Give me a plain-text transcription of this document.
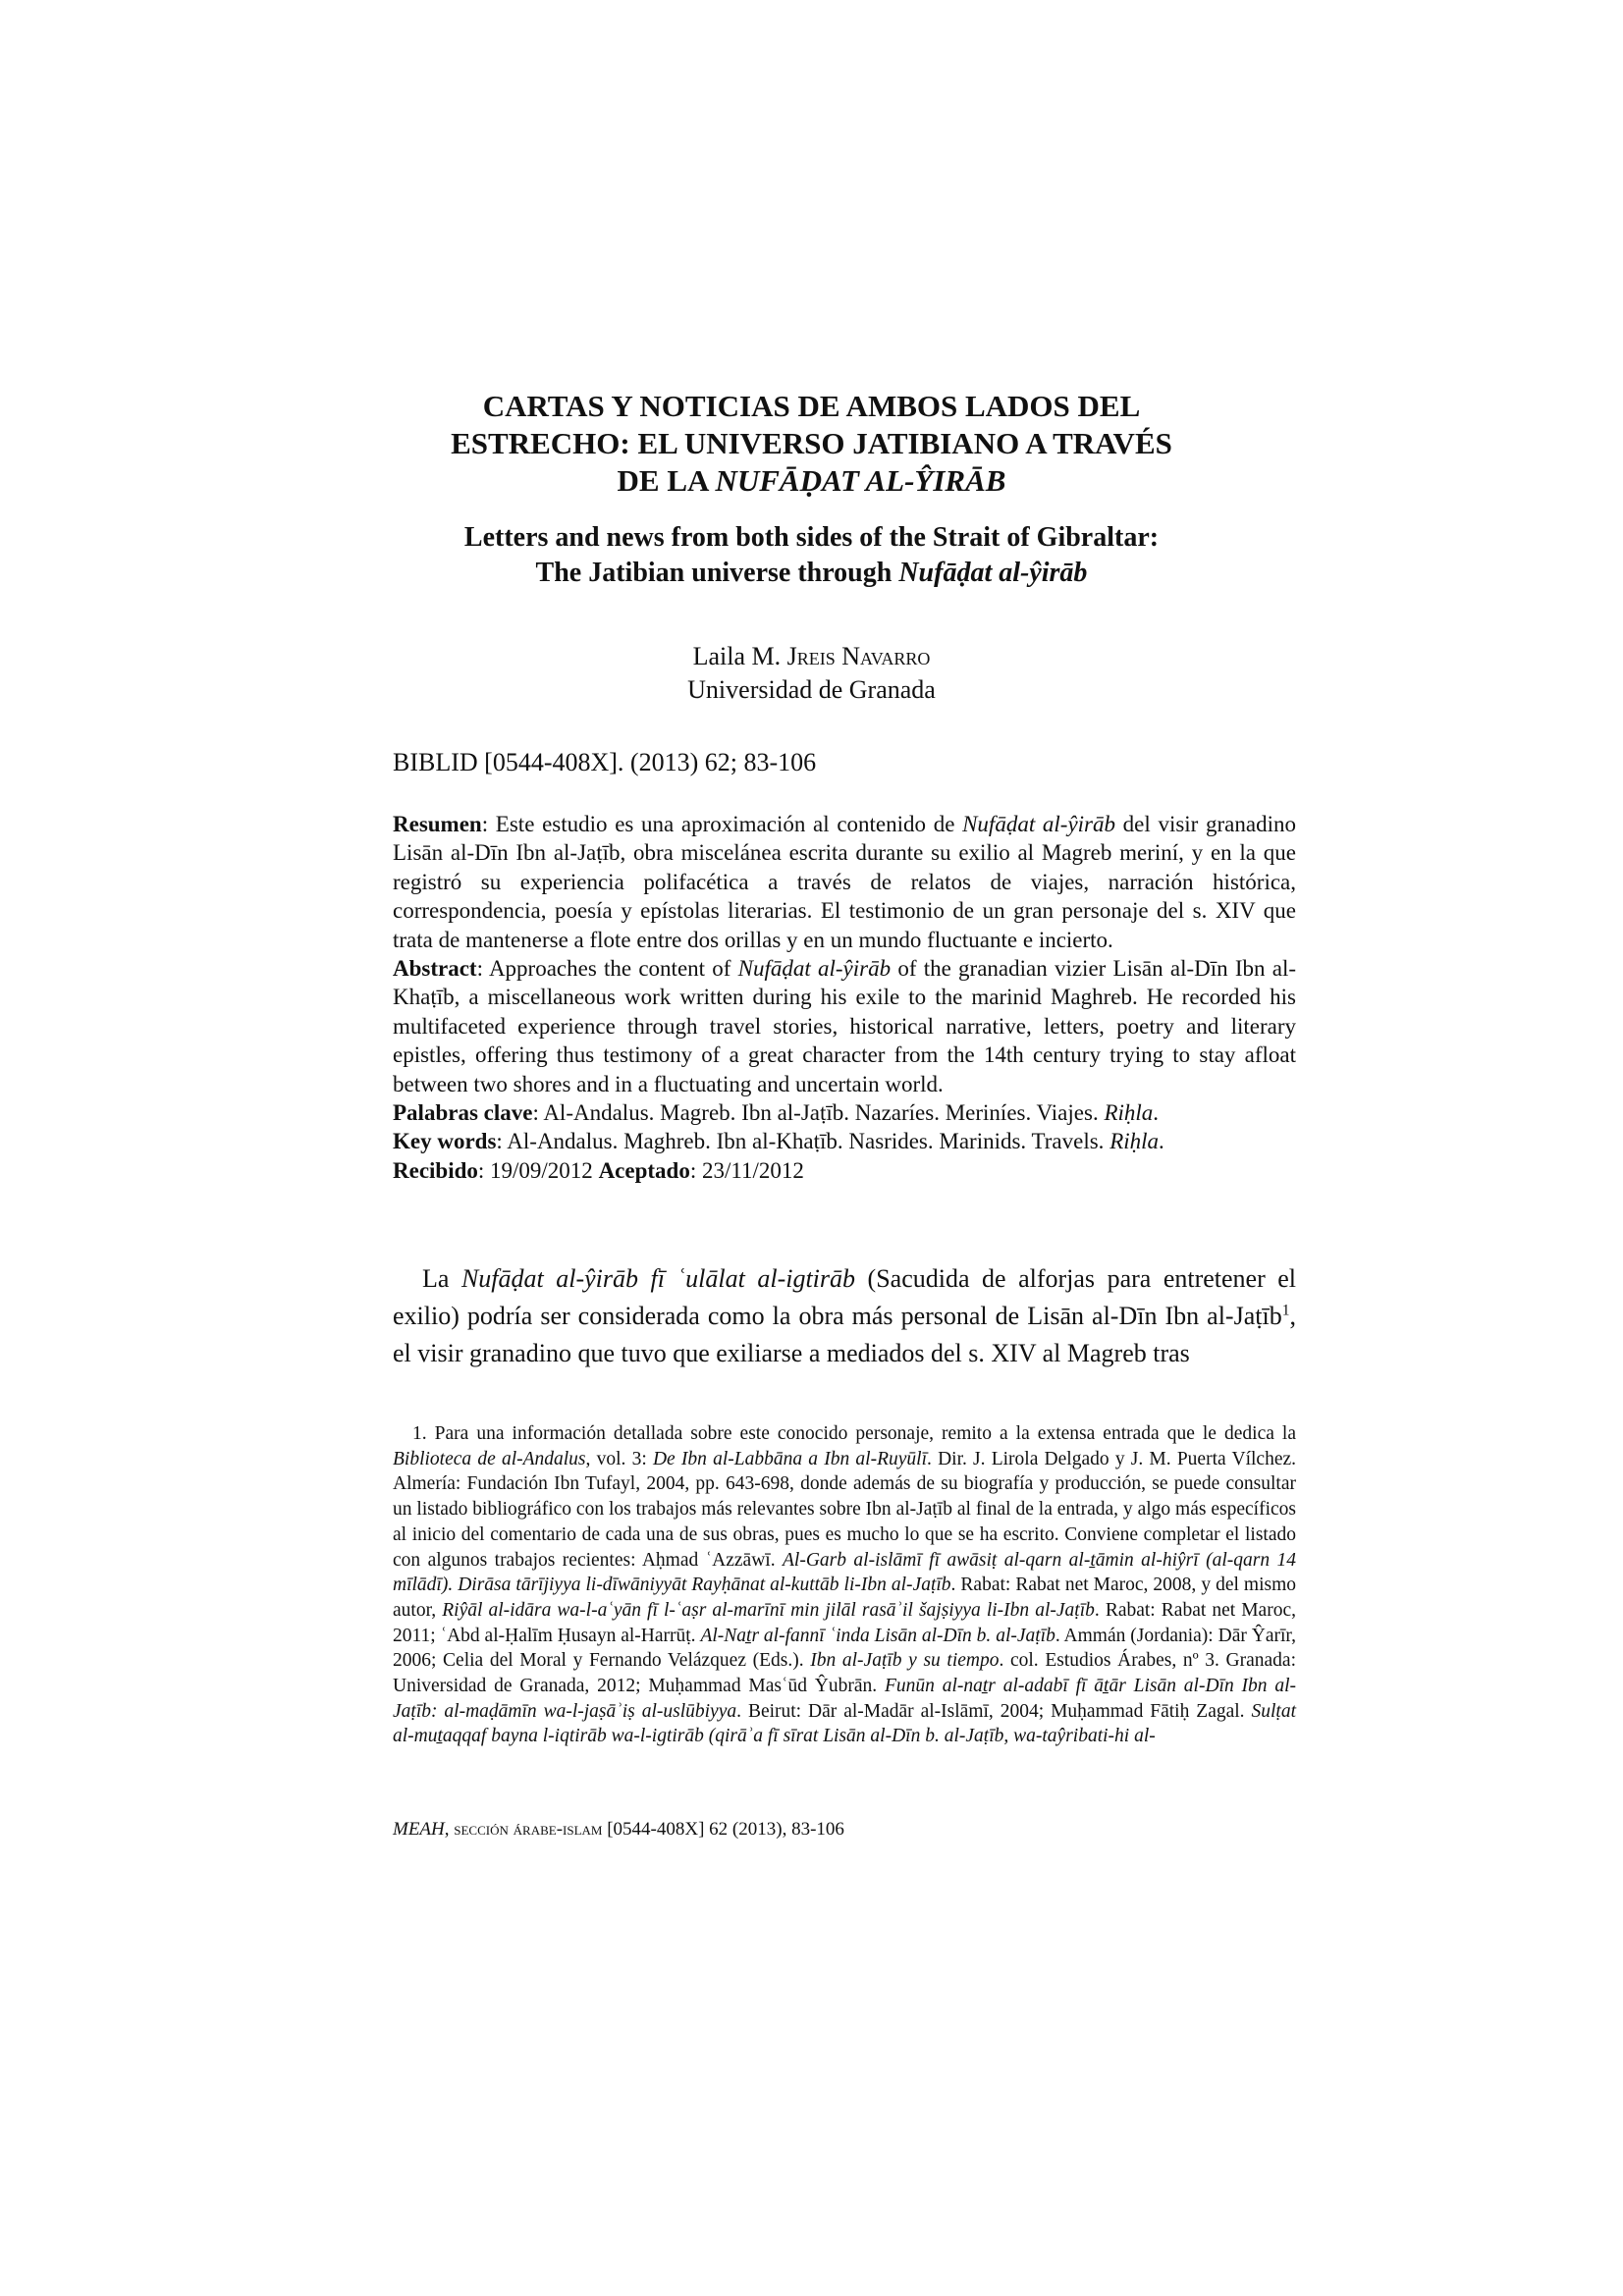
CARTAS Y NOTICIAS DE AMBOS LADOS DEL
ESTRECHO: EL UNIVERSO JATIBIANO A TRAVÉS
DE LA NUFĀḌAT AL-ŶIRĀB
Letters and news from both sides of the Strait of Gibraltar:
The Jatibian universe through Nufāḍat al-ŷirāb
Laila M. Jreis Navarro
Universidad de Granada
BIBLID [0544-408X]. (2013) 62; 83-106

Resumen: Este estudio es una aproximación al contenido de Nufāḍat al-ŷirāb del visir granadino Lisān al-Dīn Ibn al-Jaṭīb, obra miscelánea escrita durante su exilio al Magreb meriní, y en la que registró su experiencia polifacética a través de relatos de viajes, narración histórica, correspondencia, poesía y epístolas literarias. El testimonio de un gran personaje del s. XIV que trata de mantenerse a flote entre dos orillas y en un mundo fluctuante e incierto.

Abstract: Approaches the content of Nufāḍat al-ŷirāb of the granadian vizier Lisān al-Dīn Ibn al-Khaṭīb, a miscellaneous work written during his exile to the marinid Maghreb. He recorded his multifaceted experience through travel stories, historical narrative, letters, poetry and literary epistles, offering thus testimony of a great character from the 14th century trying to stay afloat between two shores and in a fluctuating and uncertain world.

Palabras clave: Al-Andalus. Magreb. Ibn al-Jaṭīb. Nazaríes. Meriníes. Viajes. Riḥla.

Key words: Al-Andalus. Maghreb. Ibn al-Khaṭīb. Nasrides. Marinids. Travels. Riḥla.

Recibido: 19/09/2012 Aceptado: 23/11/2012

La Nufāḍat al-ŷirāb fī ʿulālat al-igtirāb (Sacudida de alforjas para entretener el exilio) podría ser considerada como la obra más personal de Lisān al-Dīn Ibn al-Jaṭīb$^1$, el visir granadino que tuvo que exiliarse a mediados del s. XIV al Magreb tras

1. Para una información detallada sobre este conocido personaje, remito a la extensa entrada que le dedica la Biblioteca de al-Andalus, vol. 3: De Ibn al-Labbāna a Ibn al-Ruyūlī. Dir. J. Lirola Delgado y J. M. Puerta Vílchez. Almería: Fundación Ibn Tufayl, 2004, pp. 643-698, donde además de su biografía y producción, se puede consultar un listado bibliográfico con los trabajos más relevantes sobre Ibn al-Jaṭīb al final de la entrada, y algo más específicos al inicio del comentario de cada una de sus obras, pues es mucho lo que se ha escrito. Conviene completar el listado con algunos trabajos recientes: Aḥmad ʿAzzāwī. Al-Garb al-islāmī fī awāsiṭ al-qarn al-ṯāmin al-hiŷrī (al-qarn 14 mīlādī). Dirāsa tārījiyya li-dīwāniyyāt Rayḥānat al-kuttāb li-Ibn al-Jaṭīb. Rabat: Rabat net Maroc, 2008, y del mismo autor, Riŷāl al-idāra wa-l-aʿyān fī l-ʿaṣr al-marīnī min jilāl rasāʾil šajṣiyya li-Ibn al-Jaṭīb. Rabat: Rabat net Maroc, 2011; ʿAbd al-Ḥalīm Ḥusayn al-Harrūṭ. Al-Naṯr al-fannī ʿinda Lisān al-Dīn b. al-Jaṭīb. Ammán (Jordania): Dār Ŷarīr, 2006; Celia del Moral y Fernando Velázquez (Eds.). Ibn al-Jaṭīb y su tiempo. col. Estudios Árabes, nº 3. Granada: Universidad de Granada, 2012; Muḥammad Masʿūd Ŷubrān. Funūn al-naṯr al-adabī fī āṯār Lisān al-Dīn Ibn al-Jaṭīb: al-maḍāmīn wa-l-jaṣāʾiṣ al-uslūbiyya. Beirut: Dār al-Madār al-Islāmī, 2004; Muḥammad Fātiḥ Zagal. Sulṭat al-muṯaqqaf bayna l-iqtirāb wa-l-igtirāb (qirāʾa fī sīrat Lisān al-Dīn b. al-Jaṭīb, wa-taŷribati-hi al-

MEAH, sección árabe-islam [0544-408X] 62 (2013), 83-106
